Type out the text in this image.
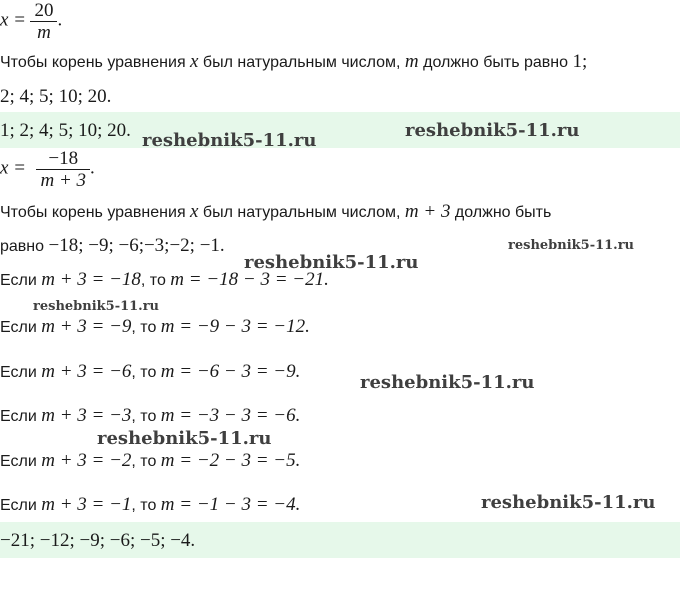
$x = \frac{20}{m}$ .
Чтобы корень уравнения x был натуральным числом, m должно быть равно 1;
2; 4; 5; 10; 20.
1; 2; 4; 5; 10; 20.
$x = \frac{-18}{m + 3}$ .
Чтобы корень уравнения x был натуральным числом, m + 3 должно быть
равно −18; −9; −6;−3;−2; −1.
Если m + 3 = −18, то m = −18 − 3 = −21.
Если m + 3 = −9, то m = −9 − 3 = −12.
Если m + 3 = −6, то m = −6 − 3 = −9.
Если m + 3 = −3, то m = −3 − 3 = −6.
Если m + 3 = −2, то m = −2 − 3 = −5.
Если m + 3 = −1, то m = −1 − 3 = −4.
−21; −12; −9; −6; −5; −4.
reshebnik5-11.ru	reshebnik5-11.ru
reshebnik5-11.ru
reshebnik5-11.ru
reshebnik5-11.ru
reshebnik5-11.ru
reshebnik5-11.ru
reshebnik5-11.ru
